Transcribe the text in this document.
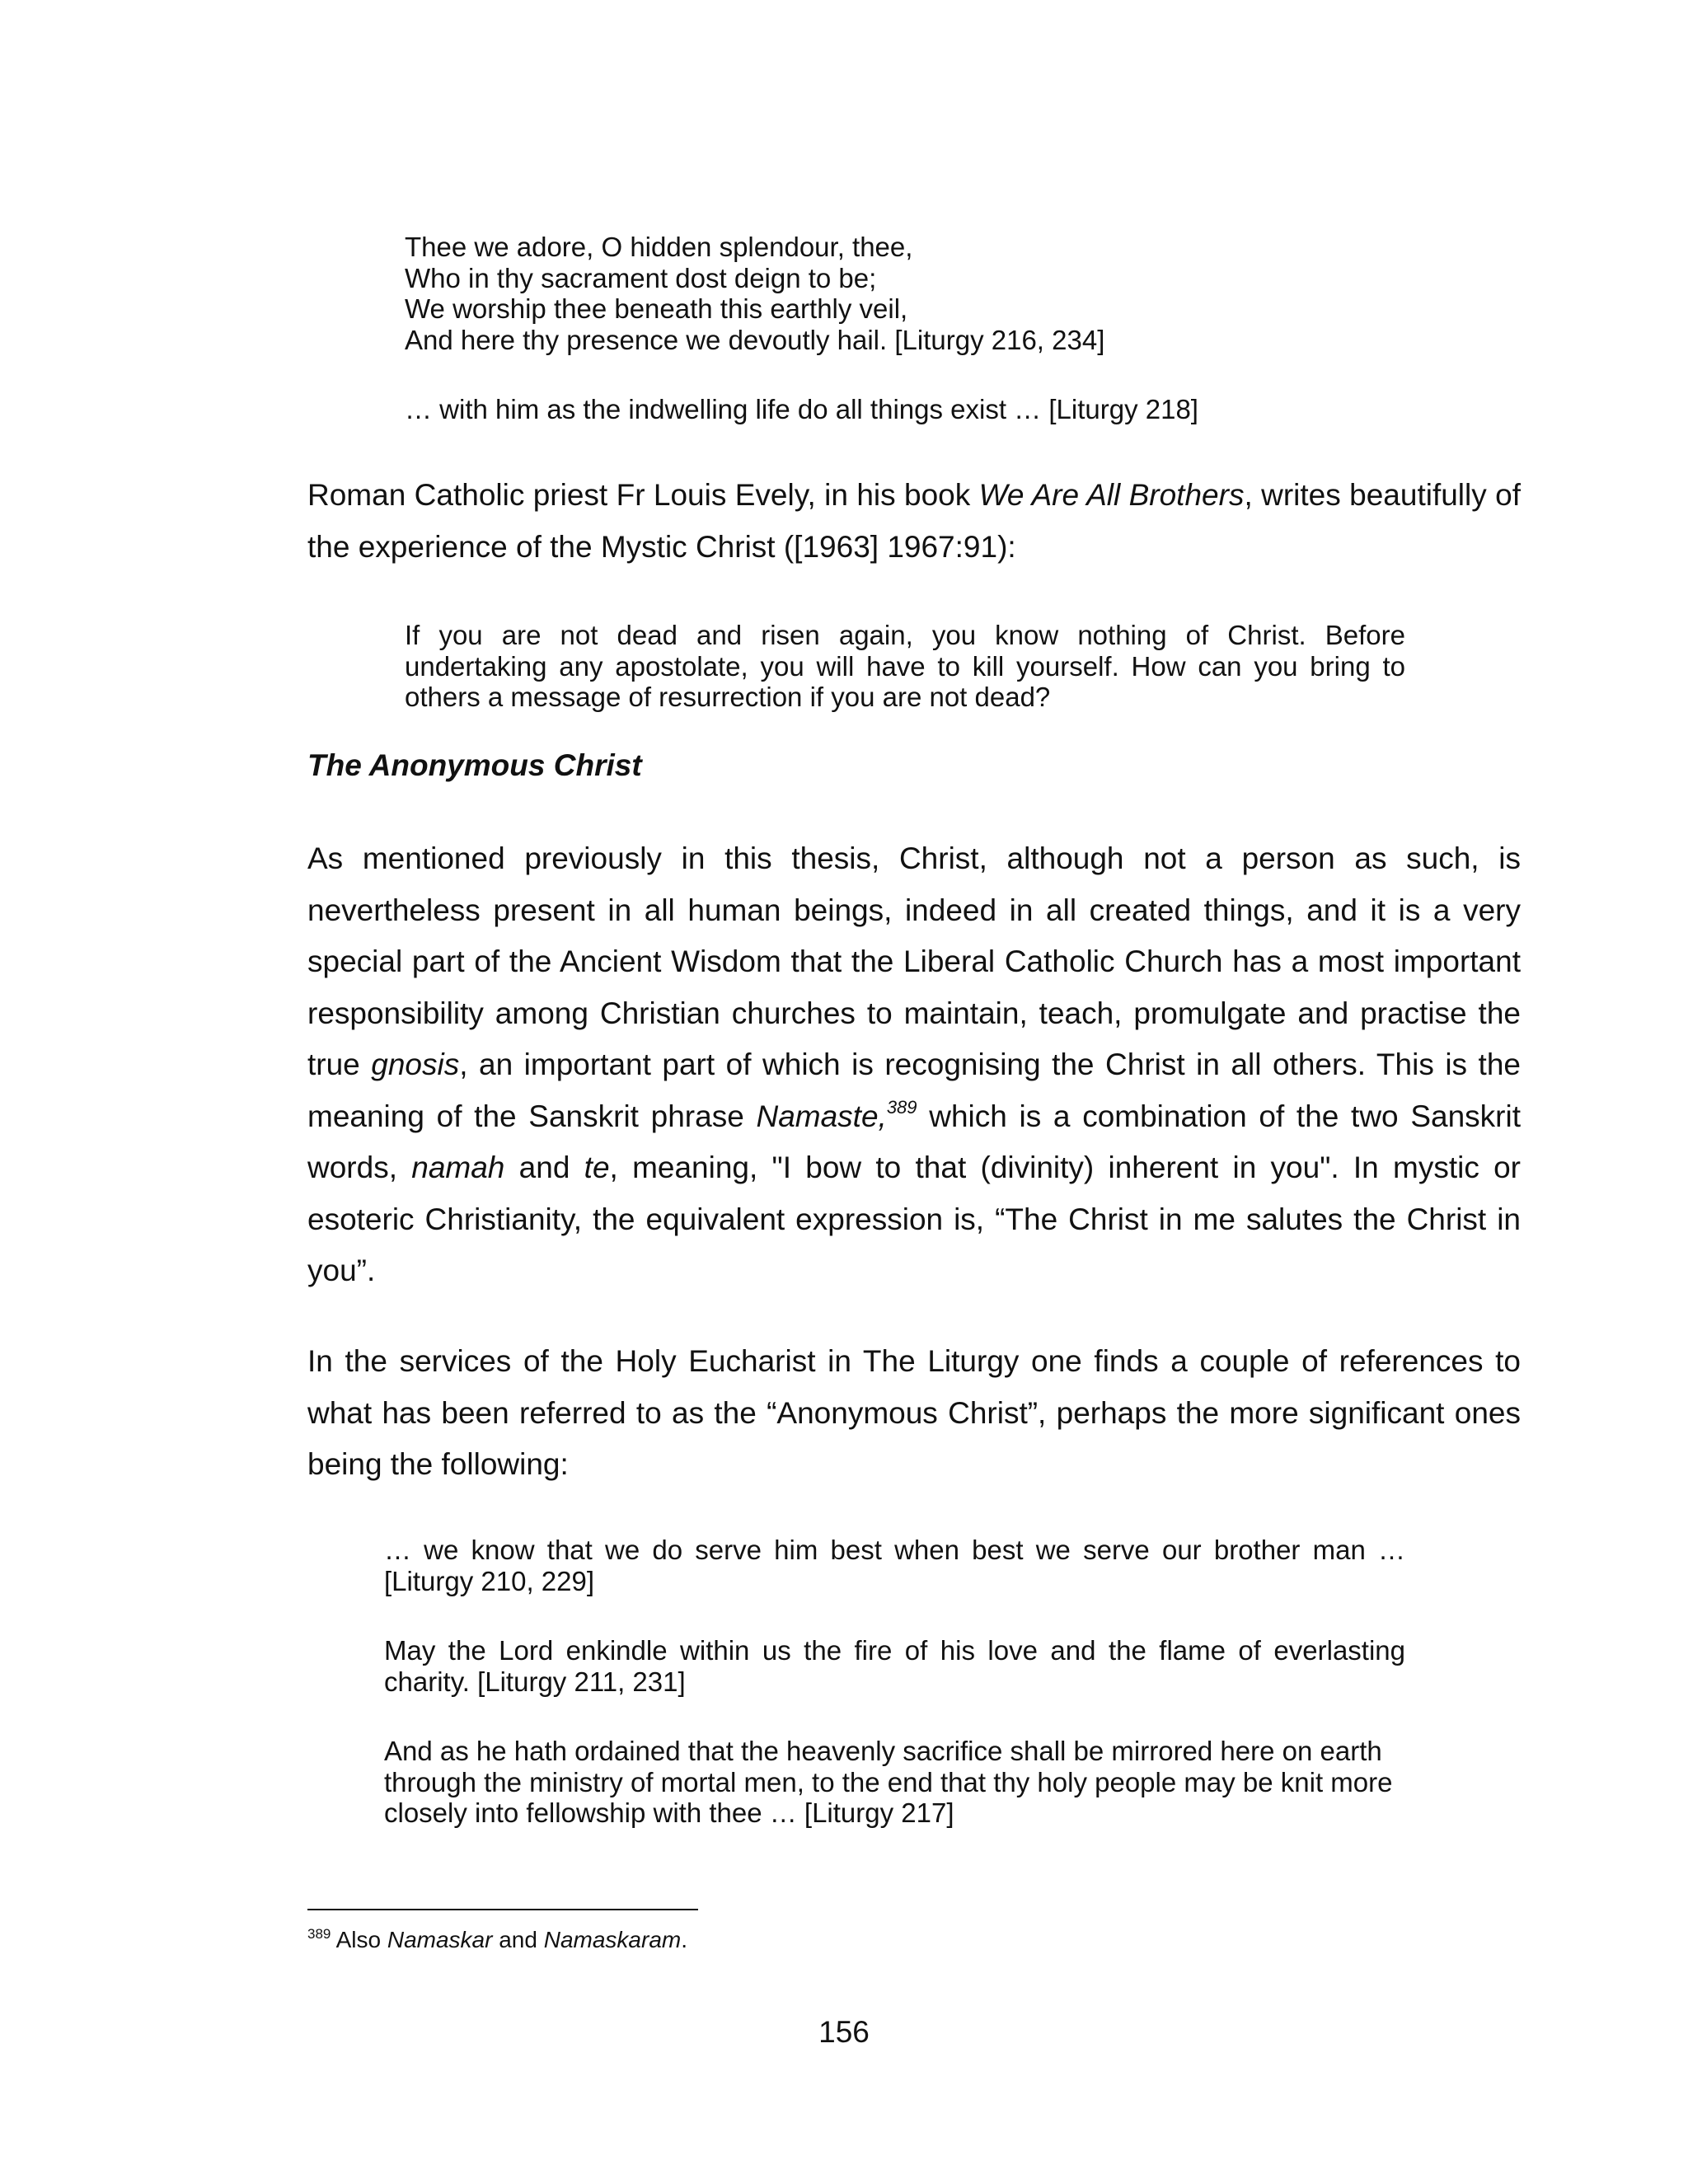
Thee we adore, O hidden splendour, thee,
Who in thy sacrament dost deign to be;
We worship thee beneath this earthly veil,
And here thy presence we devoutly hail. [Liturgy 216, 234]
… with him as the indwelling life do all things exist … [Liturgy 218]
Roman Catholic priest Fr Louis Evely, in his book We Are All Brothers, writes beautifully of the experience of the Mystic Christ ([1963] 1967:91):
If you are not dead and risen again, you know nothing of Christ. Before undertaking any apostolate, you will have to kill yourself. How can you bring to others a message of resurrection if you are not dead?
The Anonymous Christ
As mentioned previously in this thesis, Christ, although not a person as such, is nevertheless present in all human beings, indeed in all created things, and it is a very special part of the Ancient Wisdom that the Liberal Catholic Church has a most important responsibility among Christian churches to maintain, teach, promulgate and practise the true gnosis, an important part of which is recognising the Christ in all others. This is the meaning of the Sanskrit phrase Namaste,$^{389}$ which is a combination of the two Sanskrit words, namah and te, meaning, "I bow to that (divinity) inherent in you". In mystic or esoteric Christianity, the equivalent expression is, “The Christ in me salutes the Christ in you”.
In the services of the Holy Eucharist in The Liturgy one finds a couple of references to what has been referred to as the “Anonymous Christ”, perhaps the more significant ones being the following:
… we know that we do serve him best when best we serve our brother man … [Liturgy 210, 229]
May the Lord enkindle within us the fire of his love and the flame of everlasting charity. [Liturgy 211, 231]
And as he hath ordained that the heavenly sacrifice shall be mirrored here on earth
through the ministry of mortal men, to the end that thy holy people may be knit more
closely into fellowship with thee … [Liturgy 217]
$^{389}$ Also Namaskar and Namaskaram.
156
